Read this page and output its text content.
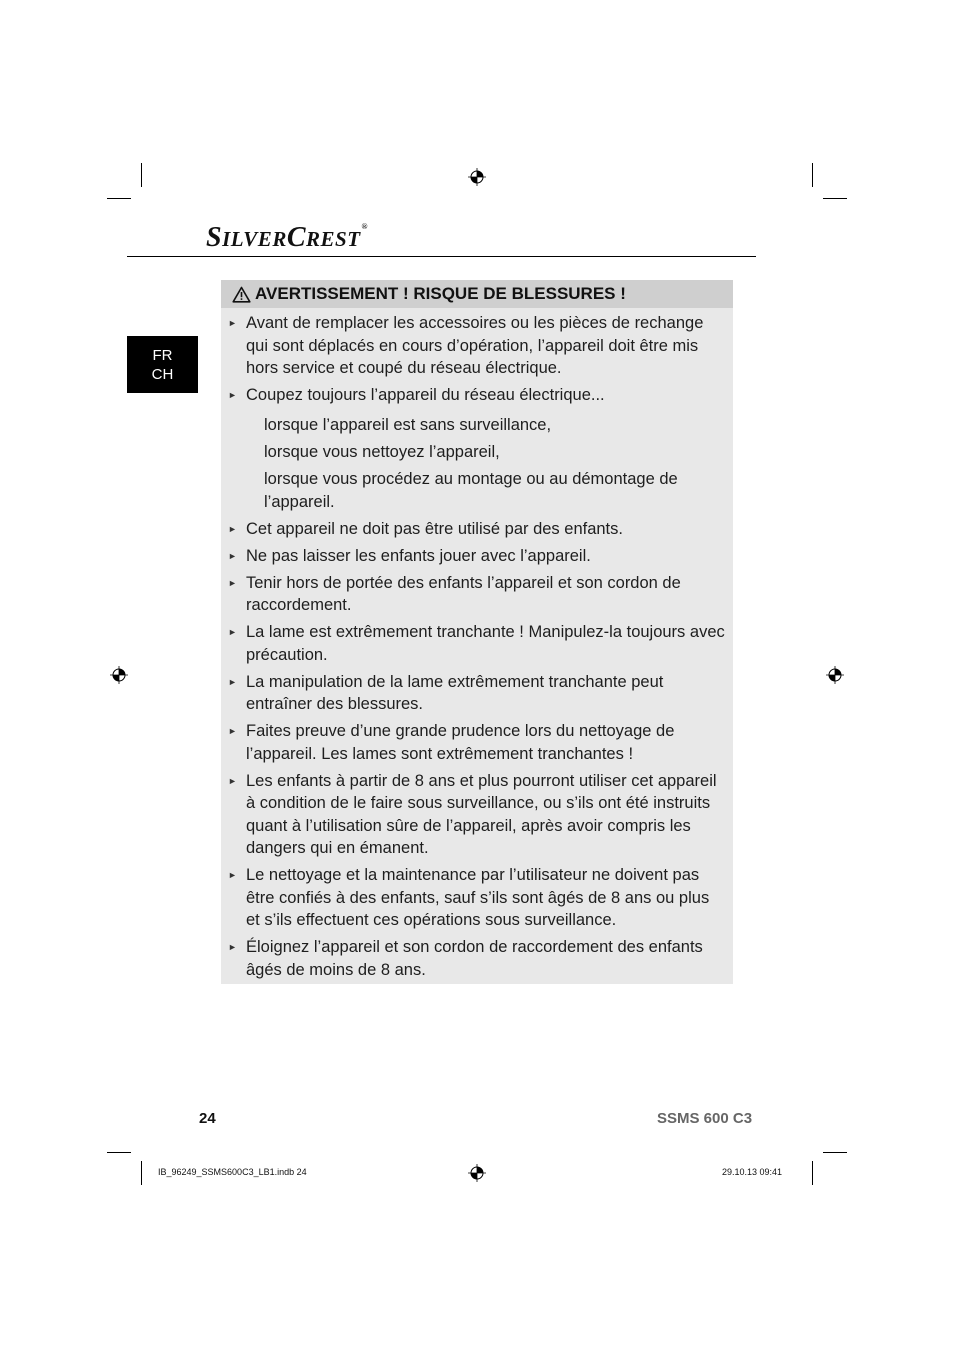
SILVERCREST®
FR
CH
AVERTISSEMENT ! RISQUE DE BLESSURES !
► Avant de remplacer les accessoires ou les pièces de rechange qui sont déplacés en cours d’opération, l’appareil doit être mis hors service et coupé du réseau électrique.
► Coupez toujours l’appareil du réseau électrique...
lorsque l’appareil est sans surveillance,
lorsque vous nettoyez l’appareil,
lorsque vous procédez au montage ou au démontage de l’appareil.
► Cet appareil ne doit pas être utilisé par des enfants.
► Ne pas laisser les enfants jouer avec l’appareil.
► Tenir hors de portée des enfants l’appareil et son cordon de raccordement.
► La lame est extrêmement tranchante ! Manipulez-la toujours avec précaution.
► La manipulation de la lame extrêmement tranchante peut entraîner des blessures.
► Faites preuve d’une grande prudence lors du nettoyage de l’appareil. Les lames sont extrêmement tranchantes !
► Les enfants à partir de 8 ans et plus pourront utiliser cet appareil à condition de le faire sous surveillance, ou s’ils ont été instruits quant à l’utilisation sûre de l’appareil, après avoir compris les dangers qui en émanent.
► Le nettoyage et la maintenance par l’utilisateur ne doivent pas être confiés à des enfants, sauf s’ils sont âgés de 8 ans ou plus et s’ils effectuent ces opérations sous surveillance.
► Éloignez l’appareil et son cordon de raccordement des enfants âgés de moins de 8 ans.
24	SSMS 600 C3
IB_96249_SSMS600C3_LB1.indb 24	29.10.13 09:41
